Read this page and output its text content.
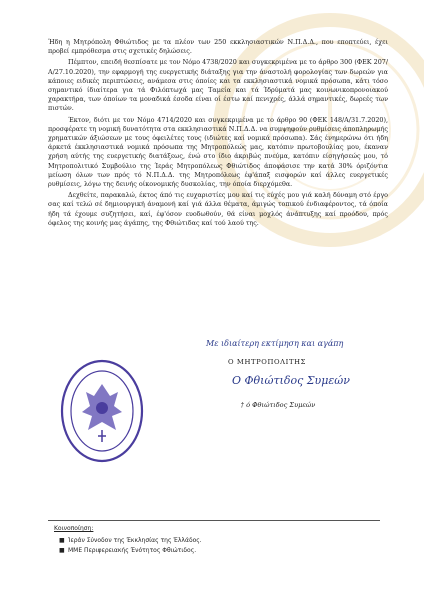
Ήδη η Μητρόπολη Φθιώτιδος με τα πλέον των 250 εκκλησιαστικών Ν.Π.Δ.Δ., που εποπτεύει, έχει προβεί εμπρόθεσμα στις σχετικές δηλώσεις.

Πέμπτον, επειδή θεσπίσατε με τον Νόμο 4738/2020 και συγκεκριμένα με το άρθρο 300 (ΦΕΚ 207/Α/27.10.2020), την εφαρμογή της ευεργετικής διάταξης για την άναστολή φορολογίας των δωρεών για κάποιες ειδικές περιπτώσεις, ανάμεσα στις όποίες και τα εκκλησιαστικά νομικά πρόσωπα, κάτι τόσο σημαντικό ίδιαίτερα για τά Φιλόπτωχά μας Ταμεία και τά Ίδρύματά μας κοινωνικοπρονοιακού χαρακτήρα, των όποίων τα μοναδικά έσοδα είναι οί έστω καί πενιχρές, άλλά σημαντικές, δωρεές των πιστών.

Έκτον, διότι με τον Νόμο 4714/2020 και συγκεκριμένα με το άρθρο 90 (ΦΕΚ 148/Α/31.7.2020), προσφέρατε τη νομική δυνατότητα στα εκκλησιαστικά Ν.Π.Δ.Δ. να συμψηφούν ρυθμίσεις άποπληρωμής χρηματικών άξιώσεων με τους όφειλέτες τους (ιδιώτες καί νομικά πρόσωπα). Σάς ένημερώνω ότι ήδη άρκετά έκκλησιαστικά νομικά πρόσωπα της Μητροπόλεώς μας, κατόπιν πρωτοβουλίας μου, έκαναν χρήση αύτής της ευεργετικής διατάξεως, ένώ στο ίδιο άκριβώς πνεύμα, κατόπιν είσηγήσεώς μου, τό Μητροπολιτικό Συμβούλιο της Ίεράς Μητροπόλεως Φθιώτιδος άποφάσισε την κατά 30% όριζόντια μείωση όλων των πρός τό Ν.Π.Δ.Δ. της Μητροπόλεως έφ'άπαξ εισφορών καί άλλες ευεργετικές ρυθμίσεις, λόγω της δεινής οίκονομικής δυσκολίας, την όποία διερχόμεθα.

Δεχθείτε, παρακαλώ, έκτος άπό τις ευχαριστίες μου καί τις εύχές μου γιά καλή δύναμη στό έργο σας καί τελώ σέ δημιουργική άναμονή καί γιά άλλα θέματα, άμιγώς τοπικού ένδιαφέροντος, τά όποία ήδη τά έχουμε συζητήσει, καί, έφ'όσον ευοδωθούν, θά είναι μοχλός άνάπτυξης καί προόδου, πρός όφελος της κοινής μας άγάπης, της Φθιώτιδας καί τού λαού της.

Με ιδιαίτερη εκτίμηση και αγάπη
Ο ΜΗΤΡΟΠΟΛΙΤΗΣ
Ο Φθιώτιδος Συμεών
† ό Φθιώτιδος Συμεών
Κοινοποίηση:
■ Ίεράν Σύνοδον της Έκκλησίας της Έλλάδος.
■ ΜΜΕ Περιφερειακής Ένότητος Φθιώτιδος.
